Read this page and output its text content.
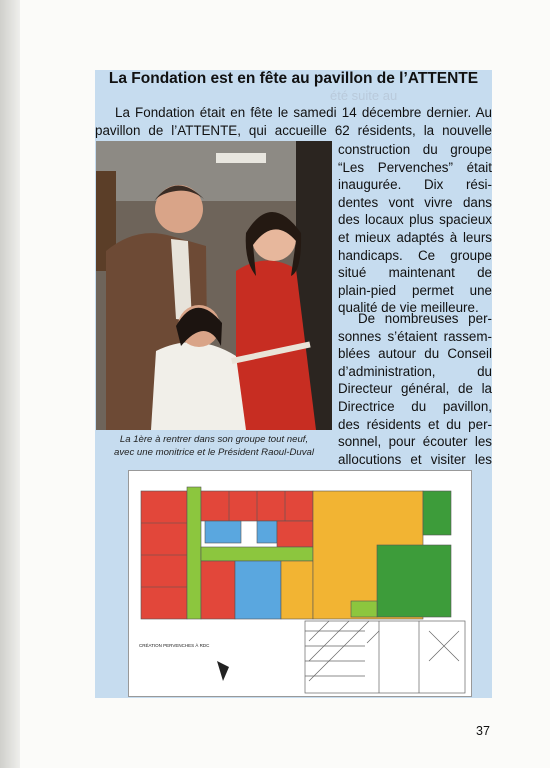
été suite au
La Fondation est en fête au pavillon de l’ATTENTE
La Fondation était en fête le samedi 14 décembre dernier. Au
pavillon de l’ATTENTE, qui accueille 62 résidents, la nouvelle
La 1ère à rentrer dans son groupe tout neuf,
avec une monitrice et le Président Raoul-Duval
construction du groupe
“Les Pervenches” était
inaugurée. Dix rési-
dentes vont vivre dans
des locaux plus spacieux
et mieux adaptés à leurs
handicaps. Ce groupe
situé maintenant de
plain-pied permet une
qualité de vie meilleure.
De nombreuses per-
sonnes s’étaient rassem-
blées autour du Conseil
d’administration, du
Directeur général, de la
Directrice du pavillon,
des résidents et du per-
sonnel, pour écouter les
allocutions et visiter les
CRÉATION PERVENCHES À RDC
37
